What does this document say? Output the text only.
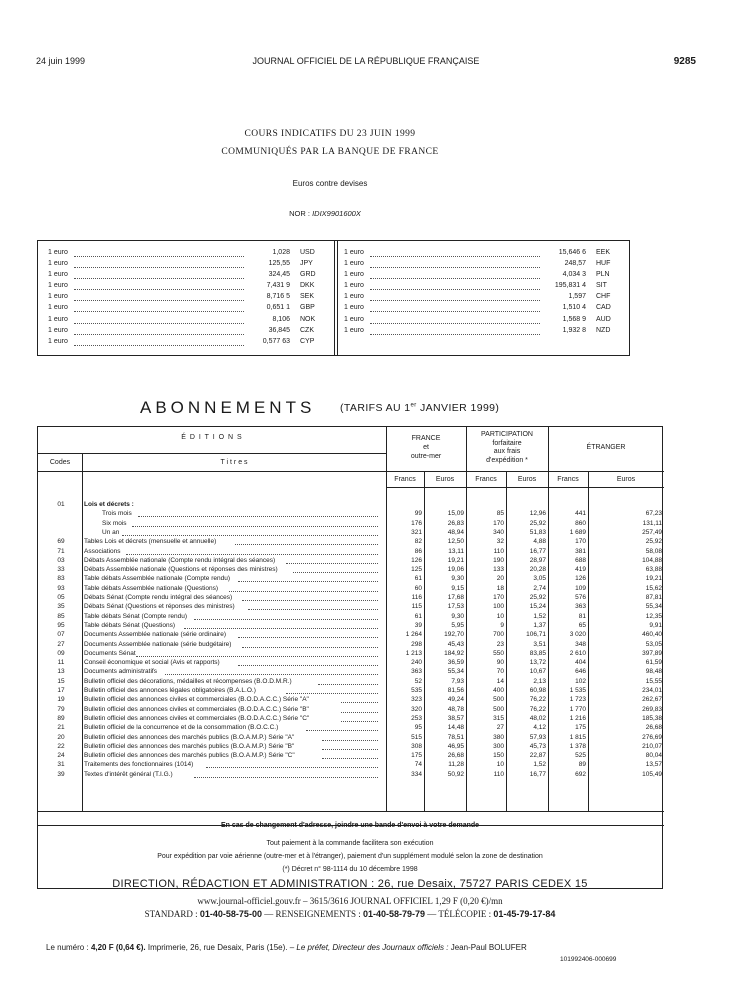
24 juin 1999	JOURNAL OFFICIEL DE LA RÉPUBLIQUE FRANÇAISE	9285
COURS INDICATIFS DU 23 JUIN 1999
COMMUNIQUÉS PAR LA BANQUE DE FRANCE
Euros contre devises
NOR : IDIX9901600X
1 euro	1,028 USD
1 euro	125,55 JPY
1 euro	324,45 GRD
1 euro	7,431 9 DKK
1 euro	8,716 5 SEK
1 euro	0,651 1 GBP
1 euro	8,106 NOK
1 euro	36,845 CZK
1 euro	0,577 63 CYP
1 euro	15,646 6 EEK
1 euro	248,57 HUF
1 euro	4,034 3 PLN
1 euro	195,831 4 SIT
1 euro	1,597 CHF
1 euro	1,510 4 CAD
1 euro	1,568 9 AUD
1 euro	1,932 8 NZD
ABONNEMENTS (TARIFS AU 1er JANVIER 1999)
É D I T I O N S
Codes	T i t r e s
FRANCE
et
outre-mer
PARTICIPATION
forfaitaire
aux frais
d'expédition *
ÉTRANGER
Francs	Euros	Francs	Euros	Francs	Euros
01	Lois et décrets :
Trois mois	99	15,09	85	12,96	441	67,23
Six mois	176	26,83	170	25,92	860	131,11
Un an	321	48,94	340	51,83	1 689	257,49
69	Tables Lois et décrets (mensuelle et annuelle)	82	12,50	32	4,88	170	25,92
71	Associations	86	13,11	110	16,77	381	58,08
03	Débats Assemblée nationale (Compte rendu intégral des séances)	126	19,21	190	28,97	688	104,88
33	Débats Assemblée nationale (Questions et réponses des ministres)	125	19,06	133	20,28	419	63,88
83	Table débats Assemblée nationale (Compte rendu)	61	9,30	20	3,05	126	19,21
93	Table débats Assemblée nationale (Questions)	60	9,15	18	2,74	109	15,62
05	Débats Sénat (Compte rendu intégral des séances)	116	17,68	170	25,92	576	87,81
35	Débats Sénat (Questions et réponses des ministres)	115	17,53	100	15,24	363	55,34
85	Table débats Sénat (Compte rendu)	61	9,30	10	1,52	81	12,35
95	Table débats Sénat (Questions)	39	5,95	9	1,37	65	9,91
07	Documents Assemblée nationale (série ordinaire)	1 264	192,70	700	106,71	3 020	460,40
27	Documents Assemblée nationale (série budgétaire)	298	45,43	23	3,51	348	53,05
09	Documents Sénat	1 213	184,92	550	83,85	2 610	397,89
11	Conseil économique et social (Avis et rapports)	240	36,59	90	13,72	404	61,59
13	Documents administratifs	363	55,34	70	10,67	646	98,48
15	Bulletin officiel des décorations, médailles et récompenses (B.O.D.M.R.)	52	7,93	14	2,13	102	15,55
17	Bulletin officiel des annonces légales obligatoires (B.A.L.O.)	535	81,56	400	60,98	1 535	234,01
19	Bulletin officiel des annonces civiles et commerciales (B.O.D.A.C.C.) Série "A"	323	49,24	500	76,22	1 723	262,67
79	Bulletin officiel des annonces civiles et commerciales (B.O.D.A.C.C.) Série "B"	320	48,78	500	76,22	1 770	269,83
89	Bulletin officiel des annonces civiles et commerciales (B.O.D.A.C.C.) Série "C"	253	38,57	315	48,02	1 216	185,38
21	Bulletin officiel de la concurrence et de la consommation (B.O.C.C.)	95	14,48	27	4,12	175	26,68
20	Bulletin officiel des annonces des marchés publics (B.O.A.M.P.) Série "A"	515	78,51	380	57,93	1 815	276,69
22	Bulletin officiel des annonces des marchés publics (B.O.A.M.P.) Série "B"	308	46,95	300	45,73	1 378	210,07
24	Bulletin officiel des annonces des marchés publics (B.O.A.M.P.) Série "C"	175	26,68	150	22,87	525	80,04
31	Traitements des fonctionnaires (1014)	74	11,28	10	1,52	89	13,57
39	Textes d'intérêt général (T.I.G.)	334	50,92	110	16,77	692	105,49
En cas de changement d'adresse, joindre une bande d'envoi à votre demande
Tout paiement à la commande facilitera son exécution
Pour expédition par voie aérienne (outre-mer et à l'étranger), paiement d'un supplément modulé selon la zone de destination
(*) Décret n° 98-1114 du 10 décembre 1998
DIRECTION, RÉDACTION ET ADMINISTRATION : 26, rue Desaix, 75727 PARIS CEDEX 15
www.journal-officiel.gouv.fr – 3615/3616 JOURNAL OFFICIEL 1,29 F (0,20 €)/mn
STANDARD : 01-40-58-75-00 — RENSEIGNEMENTS : 01-40-58-79-79 — TÉLÉCOPIE : 01-45-79-17-84
Le numéro : 4,20 F (0,64 €). Imprimerie, 26, rue Desaix, Paris (15e). – Le préfet, Directeur des Journaux officiels : Jean-Paul BOLUFER
101992406-000699
